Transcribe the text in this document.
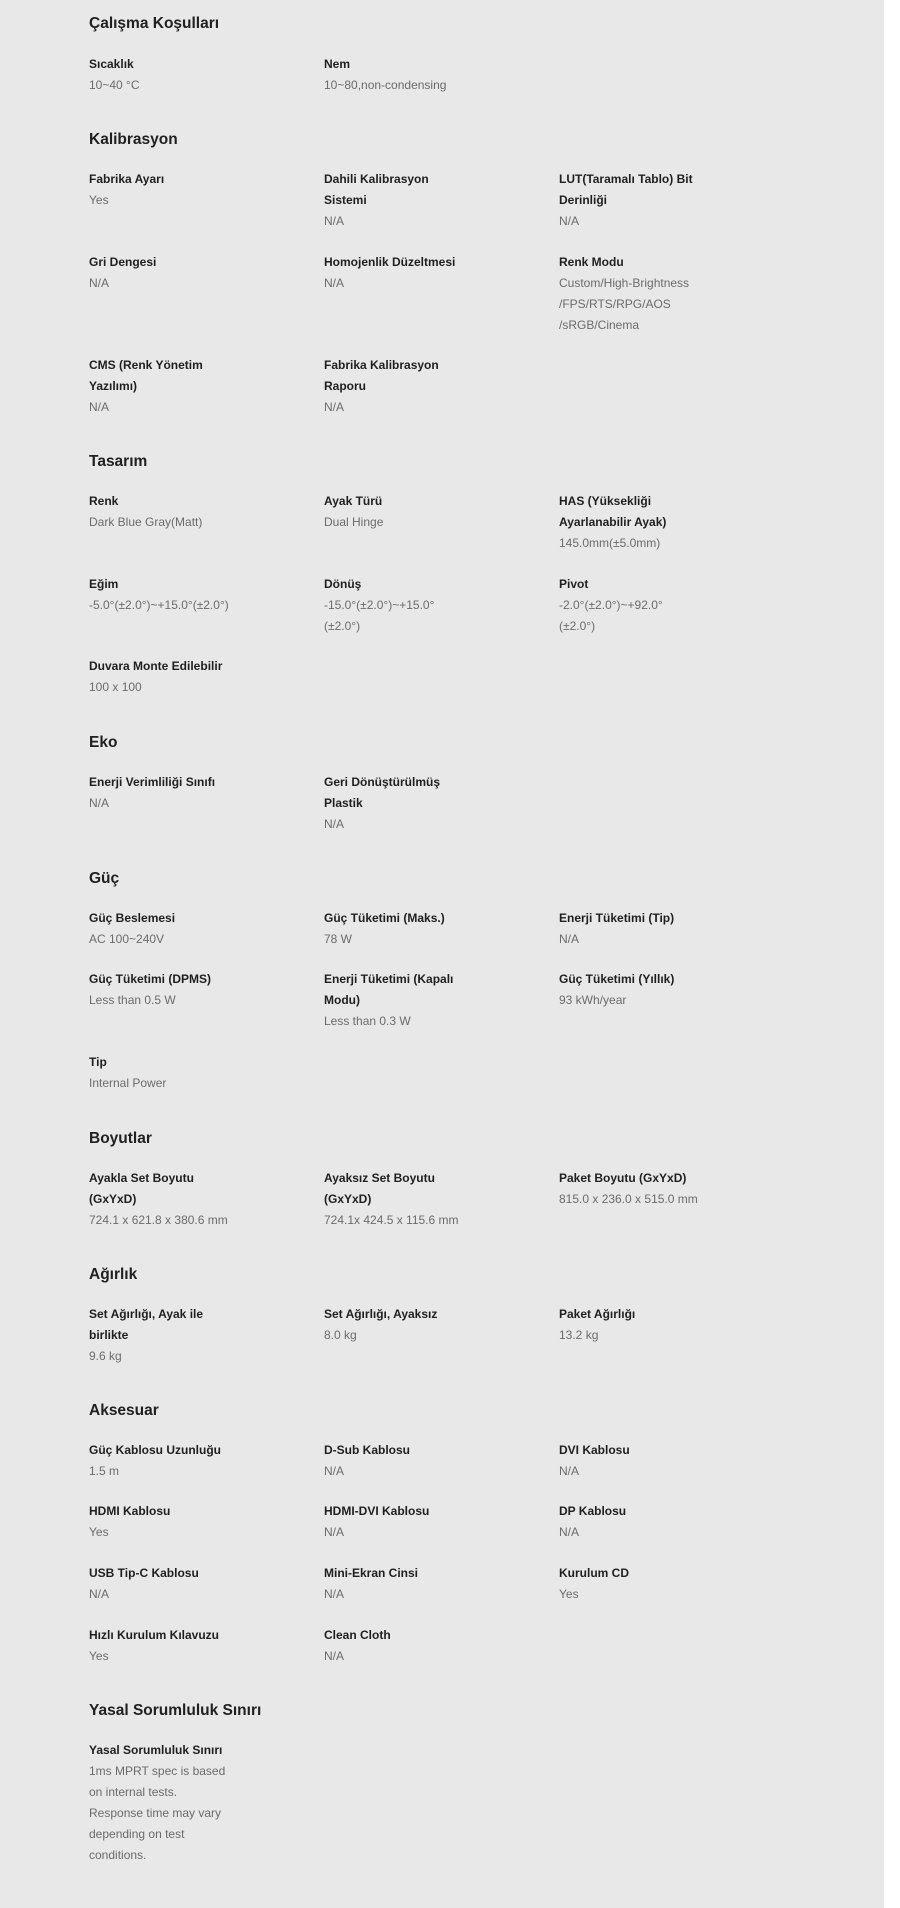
Çalışma Koşulları
Sıcaklık
10~40 °C
Nem
10~80,non-condensing
Kalibrasyon
Fabrika Ayarı
Yes
Dahili Kalibrasyon
Sistemi
N/A
LUT(Taramalı Tablo) Bit
Derinliği
N/A
Gri Dengesi
N/A
Homojenlik Düzeltmesi
N/A
Renk Modu
Custom/High-Brightness
/FPS/RTS/RPG/AOS
/sRGB/Cinema
CMS (Renk Yönetim
Yazılımı)
N/A
Fabrika Kalibrasyon
Raporu
N/A
Tasarım
Renk
Dark Blue Gray(Matt)
Ayak Türü
Dual Hinge
HAS (Yüksekliği
Ayarlanabilir Ayak)
145.0mm(±5.0mm)
Eğim
-5.0°(±2.0°)~+15.0°(±2.0°)
Dönüş
-15.0°(±2.0°)~+15.0°
(±2.0°)
Pivot
-2.0°(±2.0°)~+92.0°
(±2.0°)
Duvara Monte Edilebilir
100 x 100
Eko
Enerji Verimliliği Sınıfı
N/A
Geri Dönüştürülmüş
Plastik
N/A
Güç
Güç Beslemesi
AC 100~240V
Güç Tüketimi (Maks.)
78 W
Enerji Tüketimi (Tip)
N/A
Güç Tüketimi (DPMS)
Less than 0.5 W
Enerji Tüketimi (Kapalı
Modu)
Less than 0.3 W
Güç Tüketimi (Yıllık)
93 kWh/year
Tip
Internal Power
Boyutlar
Ayakla Set Boyutu
(GxYxD)
724.1 x 621.8 x 380.6 mm
Ayaksız Set Boyutu
(GxYxD)
724.1x 424.5 x 115.6 mm
Paket Boyutu (GxYxD)
815.0 x 236.0 x 515.0 mm
Ağırlık
Set Ağırlığı, Ayak ile
birlikte
9.6 kg
Set Ağırlığı, Ayaksız
8.0 kg
Paket Ağırlığı
13.2 kg
Aksesuar
Güç Kablosu Uzunluğu
1.5 m
D-Sub Kablosu
N/A
DVI Kablosu
N/A
HDMI Kablosu
Yes
HDMI-DVI Kablosu
N/A
DP Kablosu
N/A
USB Tip-C Kablosu
N/A
Mini-Ekran Cinsi
N/A
Kurulum CD
Yes
Hızlı Kurulum Kılavuzu
Yes
Clean Cloth
N/A
Yasal Sorumluluk Sınırı
Yasal Sorumluluk Sınırı
1ms MPRT spec is based
on internal tests.
Response time may vary
depending on test
conditions.
